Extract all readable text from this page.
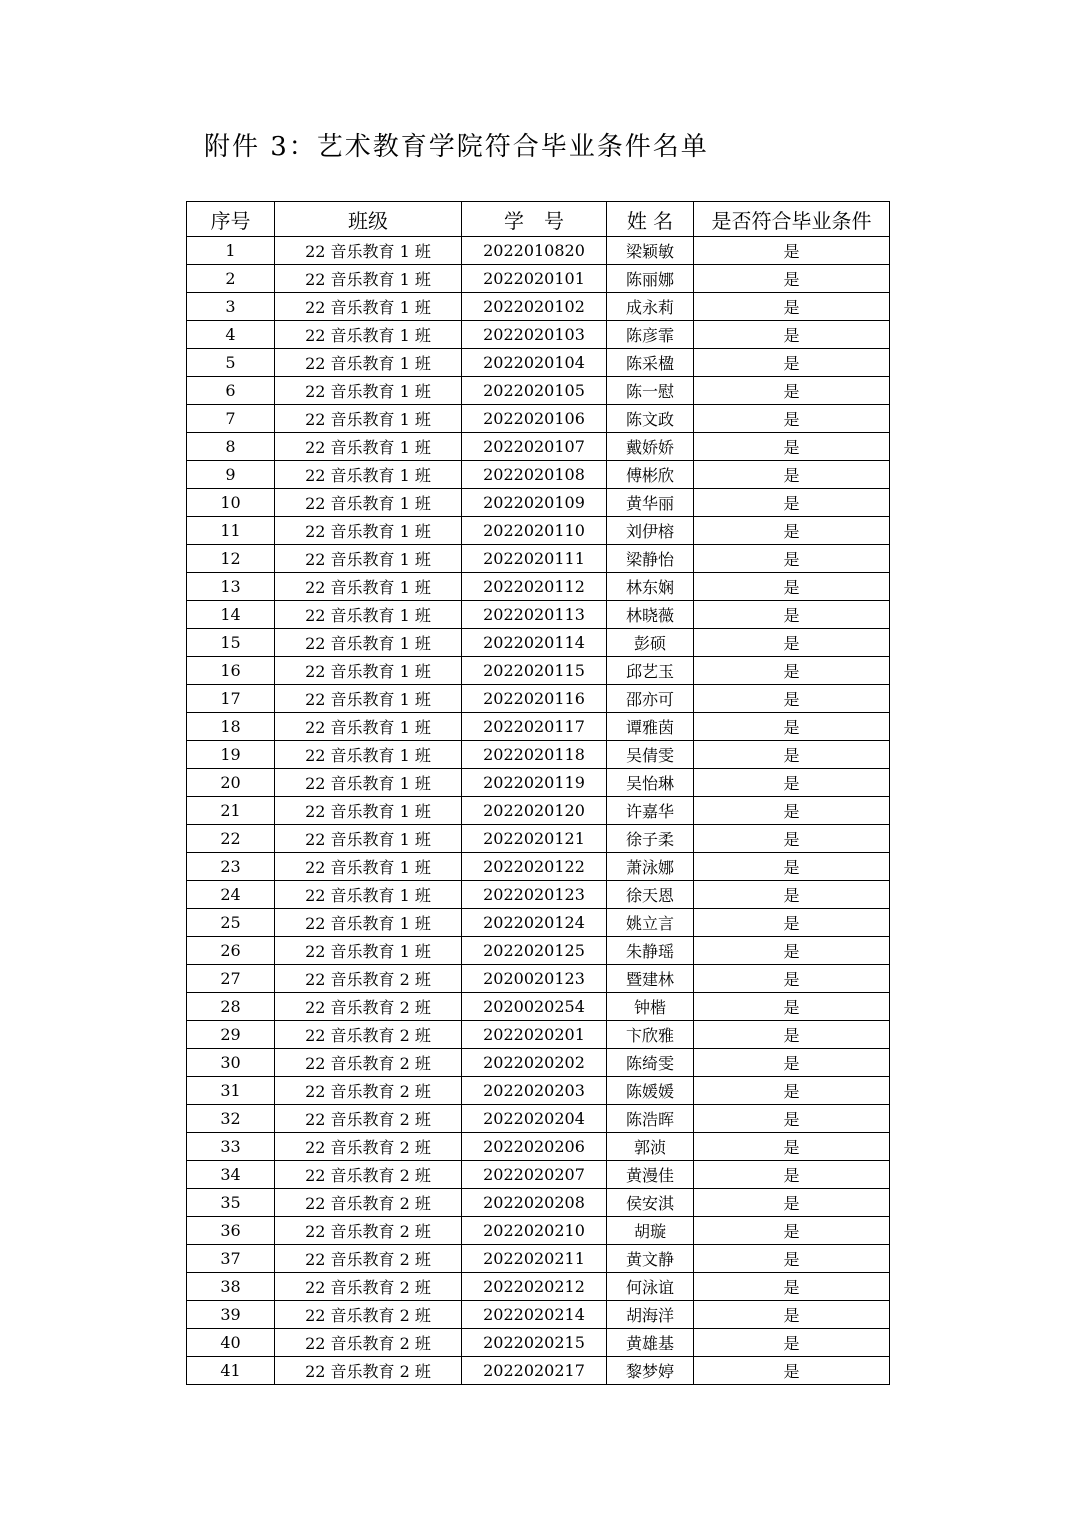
附件 3：艺术教育学院符合毕业条件名单
序号	班级	学　号	姓 名	是否符合毕业条件
1	22 音乐教育 1 班	2022010820	梁颖敏	是
2	22 音乐教育 1 班	2022020101	陈丽娜	是
3	22 音乐教育 1 班	2022020102	成永莉	是
4	22 音乐教育 1 班	2022020103	陈彦霏	是
5	22 音乐教育 1 班	2022020104	陈采楹	是
6	22 音乐教育 1 班	2022020105	陈一慰	是
7	22 音乐教育 1 班	2022020106	陈文政	是
8	22 音乐教育 1 班	2022020107	戴娇娇	是
9	22 音乐教育 1 班	2022020108	傅彬欣	是
10	22 音乐教育 1 班	2022020109	黄华丽	是
11	22 音乐教育 1 班	2022020110	刘伊榕	是
12	22 音乐教育 1 班	2022020111	梁静怡	是
13	22 音乐教育 1 班	2022020112	林东娴	是
14	22 音乐教育 1 班	2022020113	林晓薇	是
15	22 音乐教育 1 班	2022020114	彭硕	是
16	22 音乐教育 1 班	2022020115	邱艺玉	是
17	22 音乐教育 1 班	2022020116	邵亦可	是
18	22 音乐教育 1 班	2022020117	谭雅茵	是
19	22 音乐教育 1 班	2022020118	吴倩雯	是
20	22 音乐教育 1 班	2022020119	吴怡琳	是
21	22 音乐教育 1 班	2022020120	许嘉华	是
22	22 音乐教育 1 班	2022020121	徐子柔	是
23	22 音乐教育 1 班	2022020122	萧泳娜	是
24	22 音乐教育 1 班	2022020123	徐天恩	是
25	22 音乐教育 1 班	2022020124	姚立言	是
26	22 音乐教育 1 班	2022020125	朱静瑶	是
27	22 音乐教育 2 班	2020020123	暨建林	是
28	22 音乐教育 2 班	2020020254	钟楷	是
29	22 音乐教育 2 班	2022020201	卞欣雅	是
30	22 音乐教育 2 班	2022020202	陈绮雯	是
31	22 音乐教育 2 班	2022020203	陈媛媛	是
32	22 音乐教育 2 班	2022020204	陈浩晖	是
33	22 音乐教育 2 班	2022020206	郭浈	是
34	22 音乐教育 2 班	2022020207	黄漫佳	是
35	22 音乐教育 2 班	2022020208	侯安淇	是
36	22 音乐教育 2 班	2022020210	胡璇	是
37	22 音乐教育 2 班	2022020211	黄文静	是
38	22 音乐教育 2 班	2022020212	何泳谊	是
39	22 音乐教育 2 班	2022020214	胡海洋	是
40	22 音乐教育 2 班	2022020215	黄雄基	是
41	22 音乐教育 2 班	2022020217	黎梦婷	是
